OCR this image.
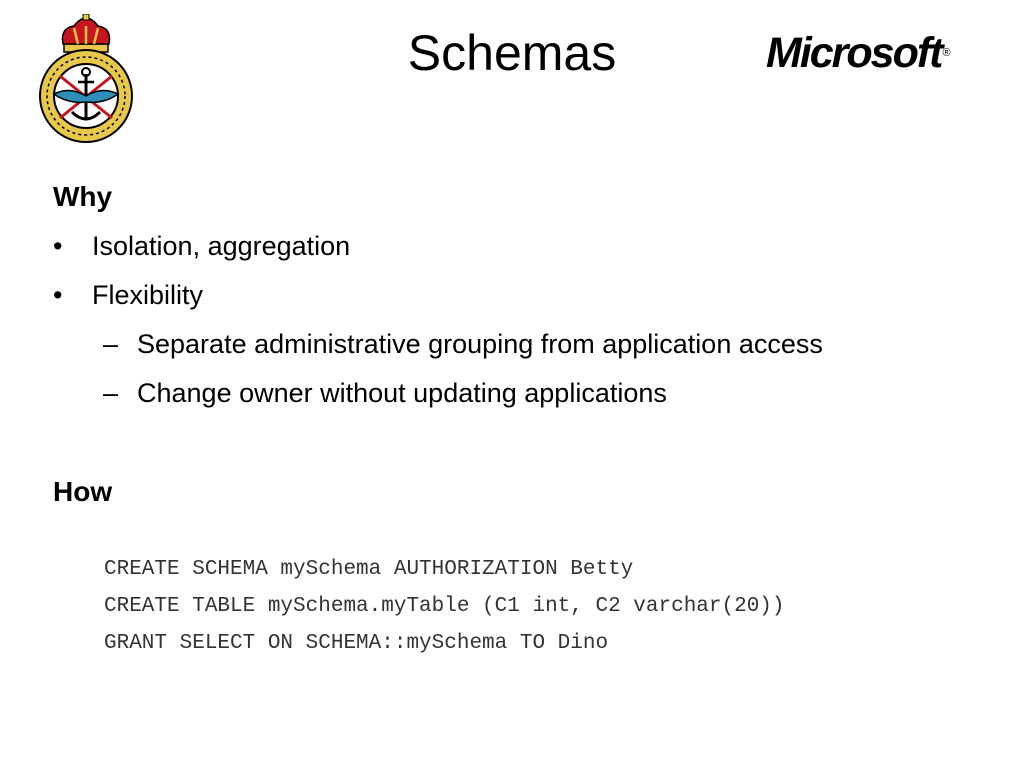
Schemas	Microsoft®
Why
• Isolation, aggregation
• Flexibility
– Separate administrative grouping from application access
– Change owner without updating applications
How
CREATE SCHEMA mySchema AUTHORIZATION Betty
CREATE TABLE mySchema.myTable (C1 int, C2 varchar(20))
GRANT SELECT ON SCHEMA::mySchema TO Dino
